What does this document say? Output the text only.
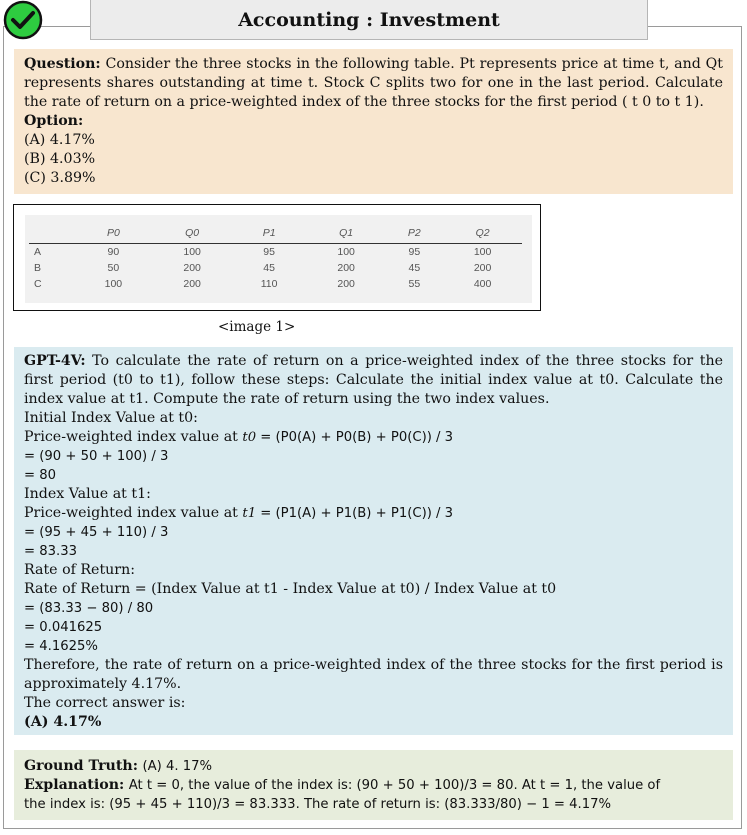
Accounting : Investment
Question: Consider the three stocks in the following table. Pt represents price at time t, and Qt represents shares outstanding at time t. Stock C splits two for one in the last period. Calculate the rate of return on a price-weighted index of the three stocks for the first period ( t 0 to t 1).
Option:
(A) 4.17%
(B) 4.03%
(C) 3.89%
	P0	Q0	P1	Q1	P2	Q2
A	90	100	95	100	95	100
B	50	200	45	200	45	200
C	100	200	110	200	55	400
<image 1>
GPT-4V: To calculate the rate of return on a price-weighted index of the three stocks for the first period (t0 to t1), follow these steps: Calculate the initial index value at t0. Calculate the index value at t1. Compute the rate of return using the two index values.
Initial Index Value at t0:
Price-weighted index value at t0 = (P0(A) + P0(B) + P0(C)) / 3
= (90 + 50 + 100) / 3
= 80
Index Value at t1:
Price-weighted index value at t1 = (P1(A) + P1(B) + P1(C)) / 3
= (95 + 45 + 110) / 3
= 83.33
Rate of Return:
Rate of Return = (Index Value at t1 - Index Value at t0) / Index Value at t0
= (83.33 − 80) / 80
= 0.041625
= 4.1625%
Therefore, the rate of return on a price-weighted index of the three stocks for the first period is approximately 4.17%.
The correct answer is:
(A) 4.17%
Ground Truth: (A) 4. 17%
Explanation: At t = 0, the value of the index is: (90 + 50 + 100)/3 = 80. At t = 1, the value of
the index is: (95 + 45 + 110)/3 = 83.333. The rate of return is: (83.333/80) − 1 = 4.17%
